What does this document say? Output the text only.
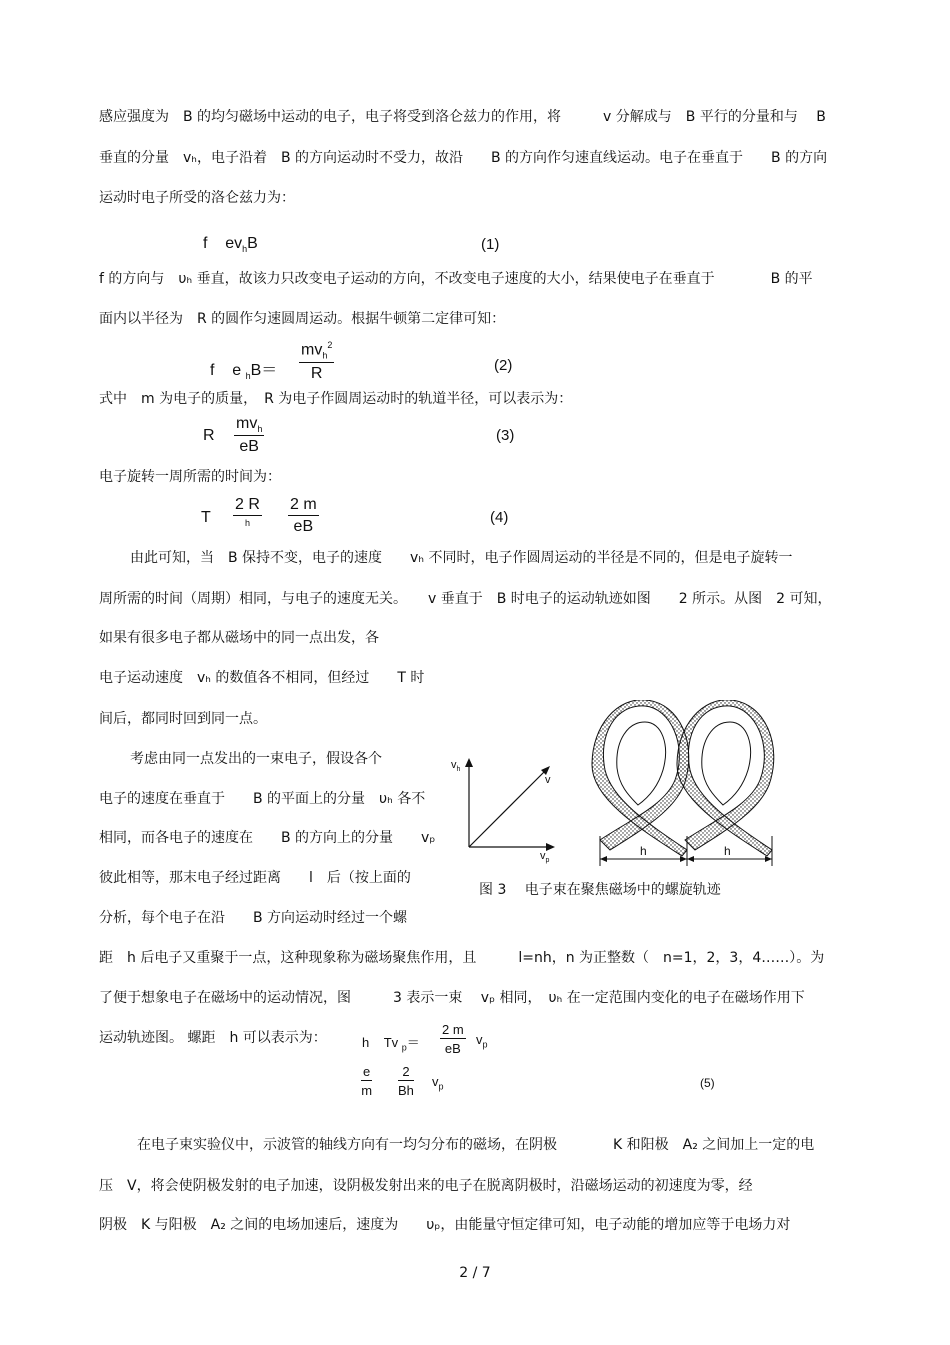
感应强度为　B 的均匀磁场中运动的电子，电子将受到洛仑兹力的作用，将　　　v 分解成与　B 平行的分量和与　 B
垂直的分量　vₕ，电子沿着　B 的方向运动时不受力，故沿　　B 的方向作匀速直线运动。电子在垂直于　　B 的方向
运动时电子所受的洛仑兹力为：
f $ev_hB$	(1)
f 的方向与　υₕ 垂直，故该力只改变电子运动的方向，不改变电子速度的大小，结果使电子在垂直于　　　　B 的平
面内以半径为　R 的圆作匀速圆周运动。根据牛顿第二定律可知：
f e $_h$B＝
$mv_h^2$
R	(2)
式中　m 为电子的质量，　R 为电子作圆周运动时的轨道半径，可以表示为：
R
$mv_h$
eB
(3)
电子旋转一周所需的时间为：
T
2 R
h	$\frac{2 m}{eB}$	(4)
由此可知，当　B 保持不变，电子的速度　　vₕ 不同时，电子作圆周运动的半径是不同的，但是电子旋转一
周所需的时间（周期）相同，与电子的速度无关。　　v 垂直于　B 时电子的运动轨迹如图　　2 所示。从图　2 可知，
如果有很多电子都从磁场中的同一点出发，各
电子运动速度　vₕ 的数值各不相同，但经过　　T 时
间后，都同时回到同一点。
考虑由同一点发出的一束电子，假设各个
电子的速度在垂直于　　B 的平面上的分量　υₕ 各不
相同，而各电子的速度在　　B 的方向上的分量　　vₚ
彼此相等，那末电子经过距离　　l　后（按上面的
分析，每个电子在沿　　B 方向运动时经过一个螺
$v_h$
$v_p$
v
h	h
图 3　 电子束在聚焦磁场中的螺旋轨迹
距　h 后电子又重聚于一点，这种现象称为磁场聚焦作用，且　　　l=nh，n 为正整数（　n=1，2，3，4……）。为
了便于想象电子在磁场中的运动情况，图　　　3 表示一束　 vₚ 相同，　υₕ 在一定范围内变化的电子在磁场作用下
运动轨迹图。 螺距　h 可以表示为：	h Tv $_p= \frac{2 m}{eB} v_p$
$\frac{e}{m} \frac{2}{Bh} v_p$	(5)
在电子束实验仪中，示波管的轴线方向有一均匀分布的磁场，在阴极　　　　K 和阳极　A₂ 之间加上一定的电
压　V，将会使阴极发射的电子加速，设阴极发射出来的电子在脱离阴极时，沿磁场运动的初速度为零，经
阴极　K 与阳极　A₂ 之间的电场加速后，速度为　　υₚ，由能量守恒定律可知，电子动能的增加应等于电场力对
2 / 7
